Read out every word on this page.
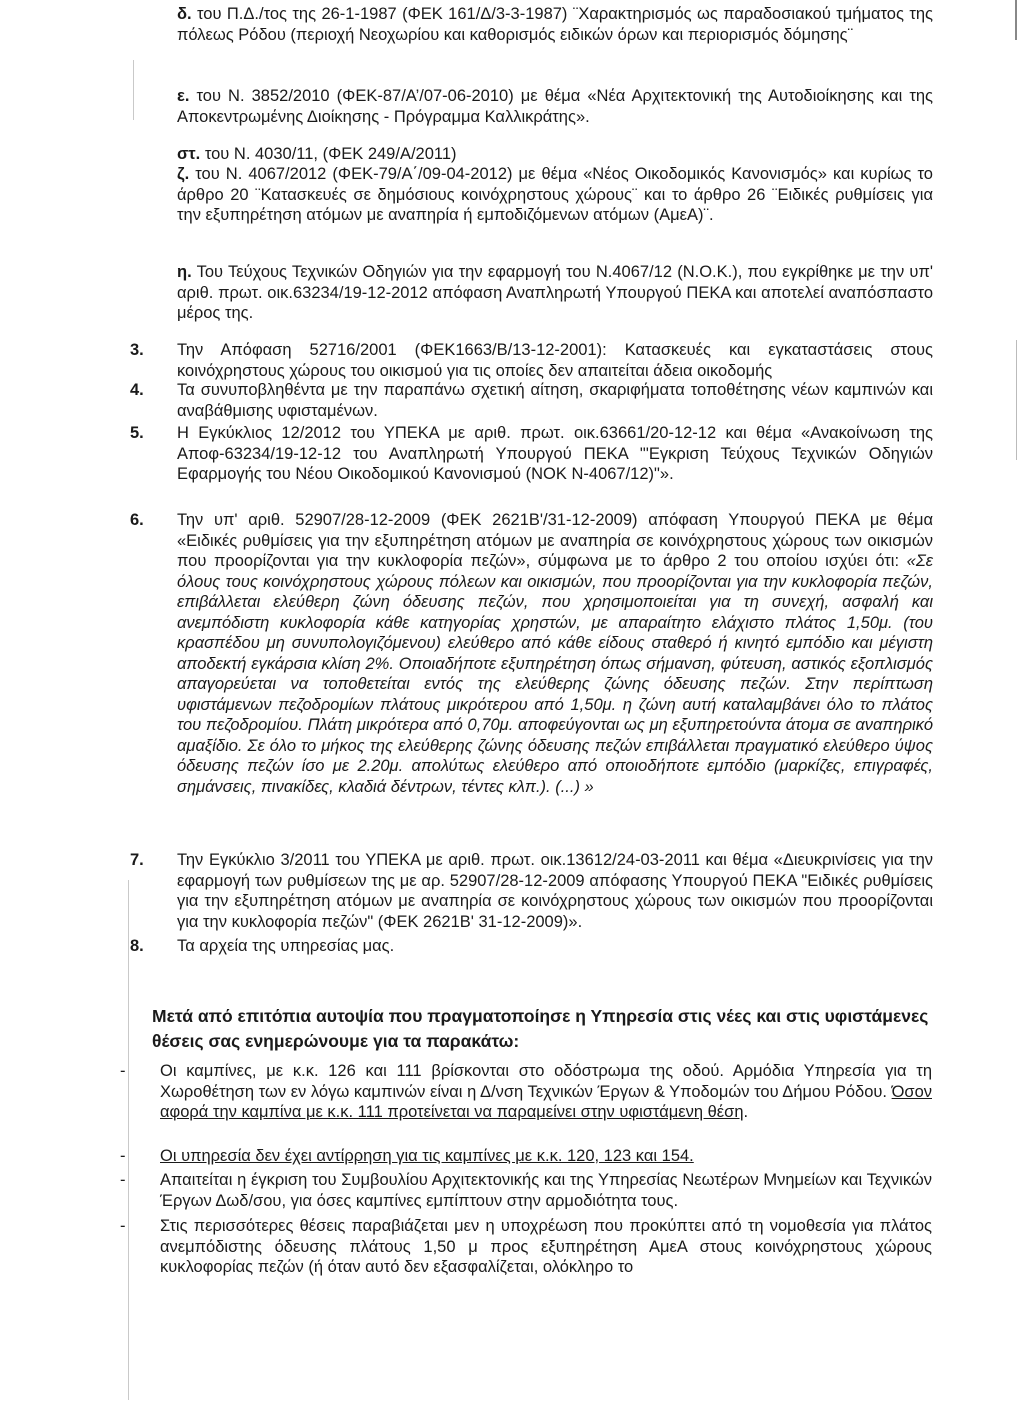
δ. του Π.Δ./τος της 26-1-1987 (ΦΕΚ 161/Δ/3-3-1987) ¨Χαρακτηρισμός ως παραδοσιακού τμήματος της πόλεως Ρόδου (περιοχή Νεοχωρίου και καθορισμός ειδικών όρων και περιορισμός δόμησης¨
ε. του Ν. 3852/2010 (ΦΕΚ-87/Α’/07-06-2010) με θέμα «Νέα Αρχιτεκτονική της Αυτοδιοίκησης και της Αποκεντρωμένης Διοίκησης - Πρόγραμμα Καλλικράτης».
στ. του Ν. 4030/11, (ΦΕΚ 249/Α/2011)
ζ. του Ν. 4067/2012 (ΦΕΚ-79/Α΄/09-04-2012) με θέμα «Νέος Οικοδομικός Κανονισμός» και κυρίως το άρθρο 20 ¨Κατασκευές σε δημόσιους κοινόχρηστους χώρους¨ και το άρθρο 26 ¨Ειδικές ρυθμίσεις για την εξυπηρέτηση ατόμων με αναπηρία ή εμποδιζόμενων ατόμων (ΑμεΑ)¨.
η. Του Τεύχους Τεχνικών Οδηγιών για την εφαρμογή του Ν.4067/12 (Ν.Ο.Κ.), που εγκρίθηκε με την υπ' αριθ. πρωτ. οικ.63234/19-12-2012 απόφαση Αναπληρωτή Υπουργού ΠΕΚΑ και αποτελεί αναπόσπαστο μέρος της.
3. Την Απόφαση 52716/2001 (ΦΕΚ1663/Β/13-12-2001): Κατασκευές και εγκαταστάσεις στους κοινόχρηστους χώρους του οικισμού για τις οποίες δεν απαιτείται άδεια οικοδομής
4. Τα συνυποβληθέντα με την παραπάνω σχετική αίτηση, σκαριφήματα τοποθέτησης νέων καμπινών και αναβάθμισης υφισταμένων.
5. Η Εγκύκλιος 12/2012 του ΥΠΕΚΑ με αριθ. πρωτ. οικ.63661/20-12-12 και θέμα «Ανακοίνωση της Αποφ-63234/19-12-12 του Αναπληρωτή Υπουργού ΠΕΚΑ "'Εγκριση Τεύχους Τεχνικών Οδηγιών Εφαρμογής του Νέου Οικοδομικού Κανονισμού (ΝΟΚ Ν-4067/12)"».
6. Την υπ' αριθ. 52907/28-12-2009 (ΦΕΚ 2621Β'/31-12-2009) απόφαση Υπουργού ΠΕΚΑ με θέμα «Ειδικές ρυθμίσεις για την εξυπηρέτηση ατόμων με αναπηρία σε κοινόχρηστους χώρους των οικισμών που προορίζονται για την κυκλοφορία πεζών», σύμφωνα με το άρθρο 2 του οποίου ισχύει ότι: «Σε όλους τους κοινόχρηστους χώρους πόλεων και οικισμών, που προορίζονται για την κυκλοφορία πεζών, επιβάλλεται ελεύθερη ζώνη όδευσης πεζών, που χρησιμοποιείται για τη συνεχή, ασφαλή και ανεμπόδιστη κυκλοφορία κάθε κατηγορίας χρηστών, με απαραίτητο ελάχιστο πλάτος 1,50μ. (του κρασπέδου μη συνυπολογιζόμενου) ελεύθερο από κάθε είδους σταθερό ή κινητό εμπόδιο και μέγιστη αποδεκτή εγκάρσια κλίση 2%. Οποιαδήποτε εξυπηρέτηση όπως σήμανση, φύτευση, αστικός εξοπλισμός απαγορεύεται να τοποθετείται εντός της ελεύθερης ζώνης όδευσης πεζών. Στην περίπτωση υφιστάμενων πεζοδρομίων πλάτους μικρότερου από 1,50μ. η ζώνη αυτή καταλαμβάνει όλο το πλάτος του πεζοδρομίου. Πλάτη μικρότερα από 0,70μ. αποφεύγονται ως μη εξυπηρετούντα άτομα σε αναπηρικό αμαξίδιο. Σε όλο το μήκος της ελεύθερης ζώνης όδευσης πεζών επιβάλλεται πραγματικό ελεύθερο ύψος όδευσης πεζών ίσο με 2.20μ. απολύτως ελεύθερο από οποιοδήποτε εμπόδιο (μαρκίζες, επιγραφές, σημάνσεις, πινακίδες, κλαδιά δέντρων, τέντες κλπ.). (...) »
7. Την Εγκύκλιο 3/2011 του ΥΠΕΚΑ με αριθ. πρωτ. οικ.13612/24-03-2011 και θέμα «Διευκρινίσεις για την εφαρμογή των ρυθμίσεων της με αρ. 52907/28-12-2009 απόφασης Υπουργού ΠΕΚΑ "Ειδικές ρυθμίσεις για την εξυπηρέτηση ατόμων με αναπηρία σε κοινόχρηστους χώρους των οικισμών που προορίζονται για την κυκλοφορία πεζών" (ΦΕΚ 2621Β' 31-12-2009)».
8. Τα αρχεία της υπηρεσίας μας.
Μετά από επιτόπια αυτοψία που πραγματοποίησε η Υπηρεσία στις νέες και στις υφιστάμενες θέσεις σας ενημερώνουμε για τα παρακάτω:
- Οι καμπίνες, με κ.κ. 126 και 111 βρίσκονται στο οδόστρωμα της οδού. Αρμόδια Υπηρεσία για τη Χωροθέτηση των εν λόγω καμπινών είναι η Δ/νση Τεχνικών Έργων & Υποδομών του Δήμου Ρόδου. Όσον αφορά την καμπίνα με κ.κ. 111 προτείνεται να παραμείνει στην υφιστάμενη θέση.
- Οι υπηρεσία δεν έχει αντίρρηση για τις καμπίνες με κ.κ. 120, 123 και 154.
- Απαιτείται η έγκριση του Συμβουλίου Αρχιτεκτονικής και της Υπηρεσίας Νεωτέρων Μνημείων και Τεχνικών Έργων Δωδ/σου, για όσες καμπίνες εμπίπτουν στην αρμοδιότητα τους.
- Στις περισσότερες θέσεις παραβιάζεται μεν η υποχρέωση που προκύπτει από τη νομοθεσία για πλάτος ανεμπόδιστης όδευσης πλάτους 1,50 μ προς εξυπηρέτηση ΑμεΑ στους κοινόχρηστους χώρους κυκλοφορίας πεζών (ή όταν αυτό δεν εξασφαλίζεται, ολόκληρο το
